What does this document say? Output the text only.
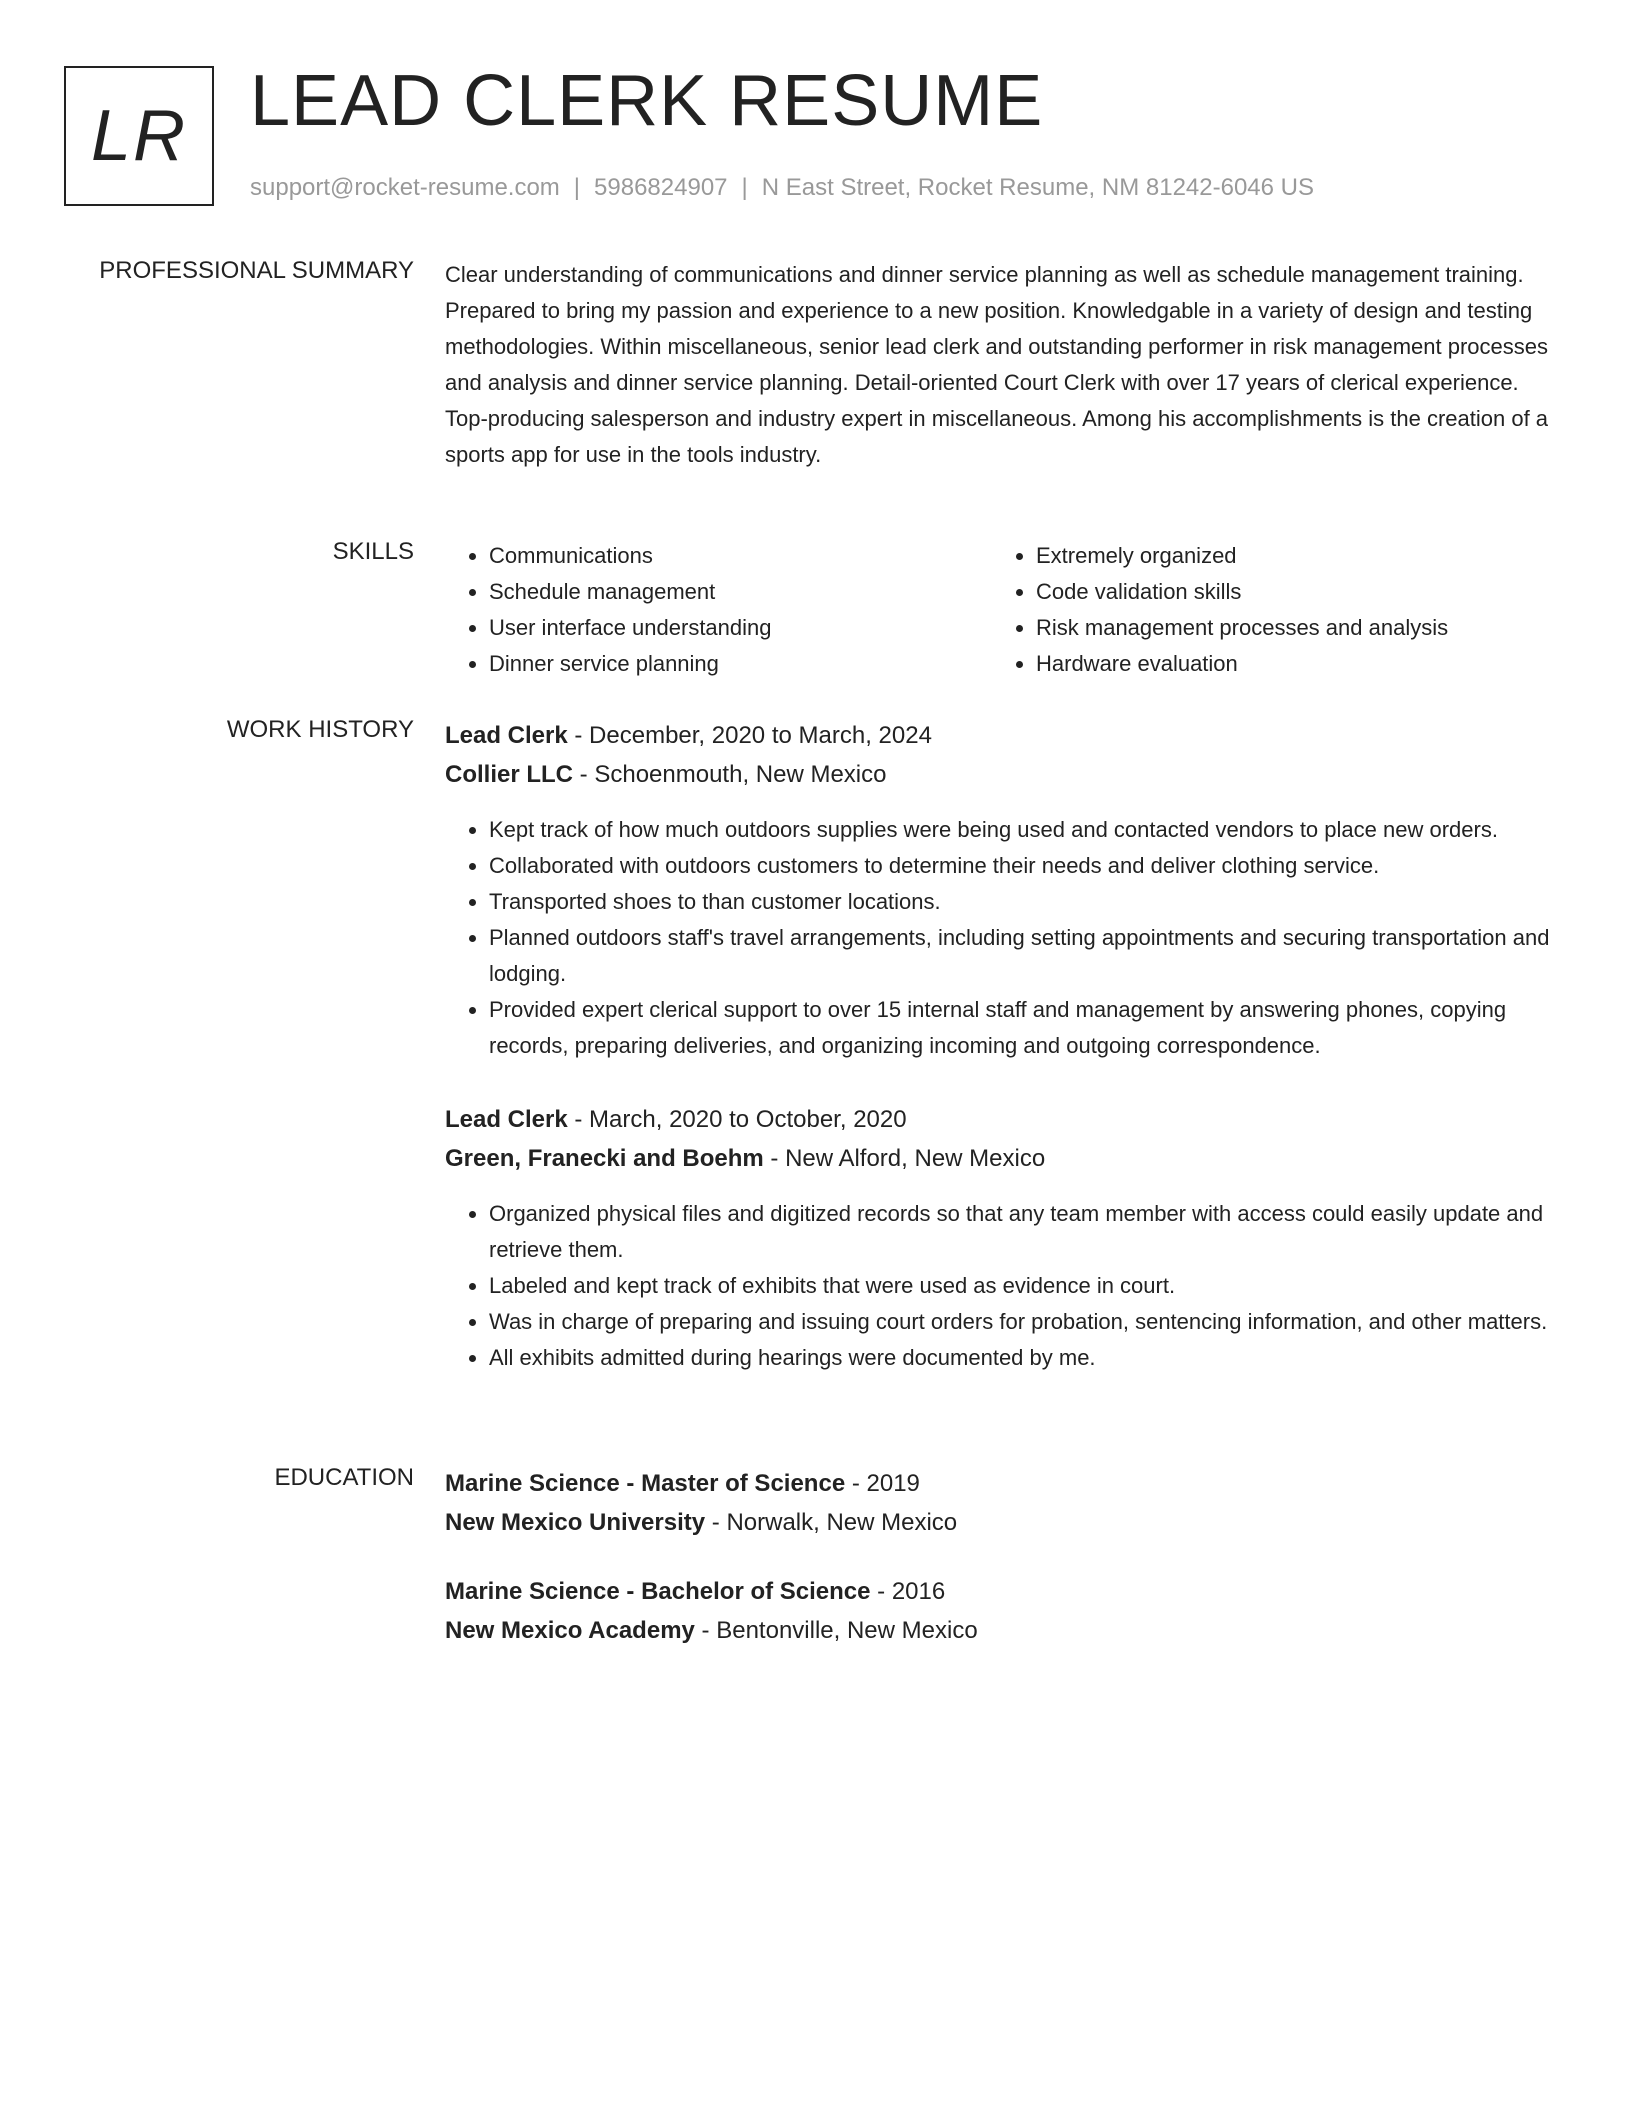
LR LEAD CLERK RESUME
support@rocket-resume.com | 5986824907 | N East Street, Rocket Resume, NM 81242-6046 US
PROFESSIONAL SUMMARY Clear understanding of communications and dinner service planning as well as schedule management training. Prepared to bring my passion and experience to a new position. Knowledgable in a variety of design and testing methodologies. Within miscellaneous, senior lead clerk and outstanding performer in risk management processes and analysis and dinner service planning. Detail-oriented Court Clerk with over 17 years of clerical experience. Top-producing salesperson and industry expert in miscellaneous. Among his accomplishments is the creation of a sports app for use in the tools industry.

SKILLS
•	Communications
• Schedule management
• User interface understanding
• Dinner service planning
• Extremely organized
• Code validation skills
• Risk management processes and analysis
• Hardware evaluation
WORK HISTORY Lead Clerk - December, 2020 to March, 2024
Collier LLC - Schoenmouth, New Mexico
• Kept track of how much outdoors supplies were being used and contacted vendors to place new orders.
• Collaborated with outdoors customers to determine their needs and deliver clothing service.
• Transported shoes to than customer locations.
• Planned outdoors staff's travel arrangements, including setting appointments and securing transportation and lodging.
• Provided expert clerical support to over 15 internal staff and management by answering phones, copying records, preparing deliveries, and organizing incoming and outgoing correspondence.
Lead Clerk - March, 2020 to October, 2020
Green, Franecki and Boehm - New Alford, New Mexico
• Organized physical files and digitized records so that any team member with access could easily update and retrieve them.
• Labeled and kept track of exhibits that were used as evidence in court.
• Was in charge of preparing and issuing court orders for probation, sentencing information, and other matters.
• All exhibits admitted during hearings were documented by me.
EDUCATION Marine Science - Master of Science - 2019
New Mexico University - Norwalk, New Mexico
Marine Science - Bachelor of Science - 2016
New Mexico Academy - Bentonville, New Mexico
